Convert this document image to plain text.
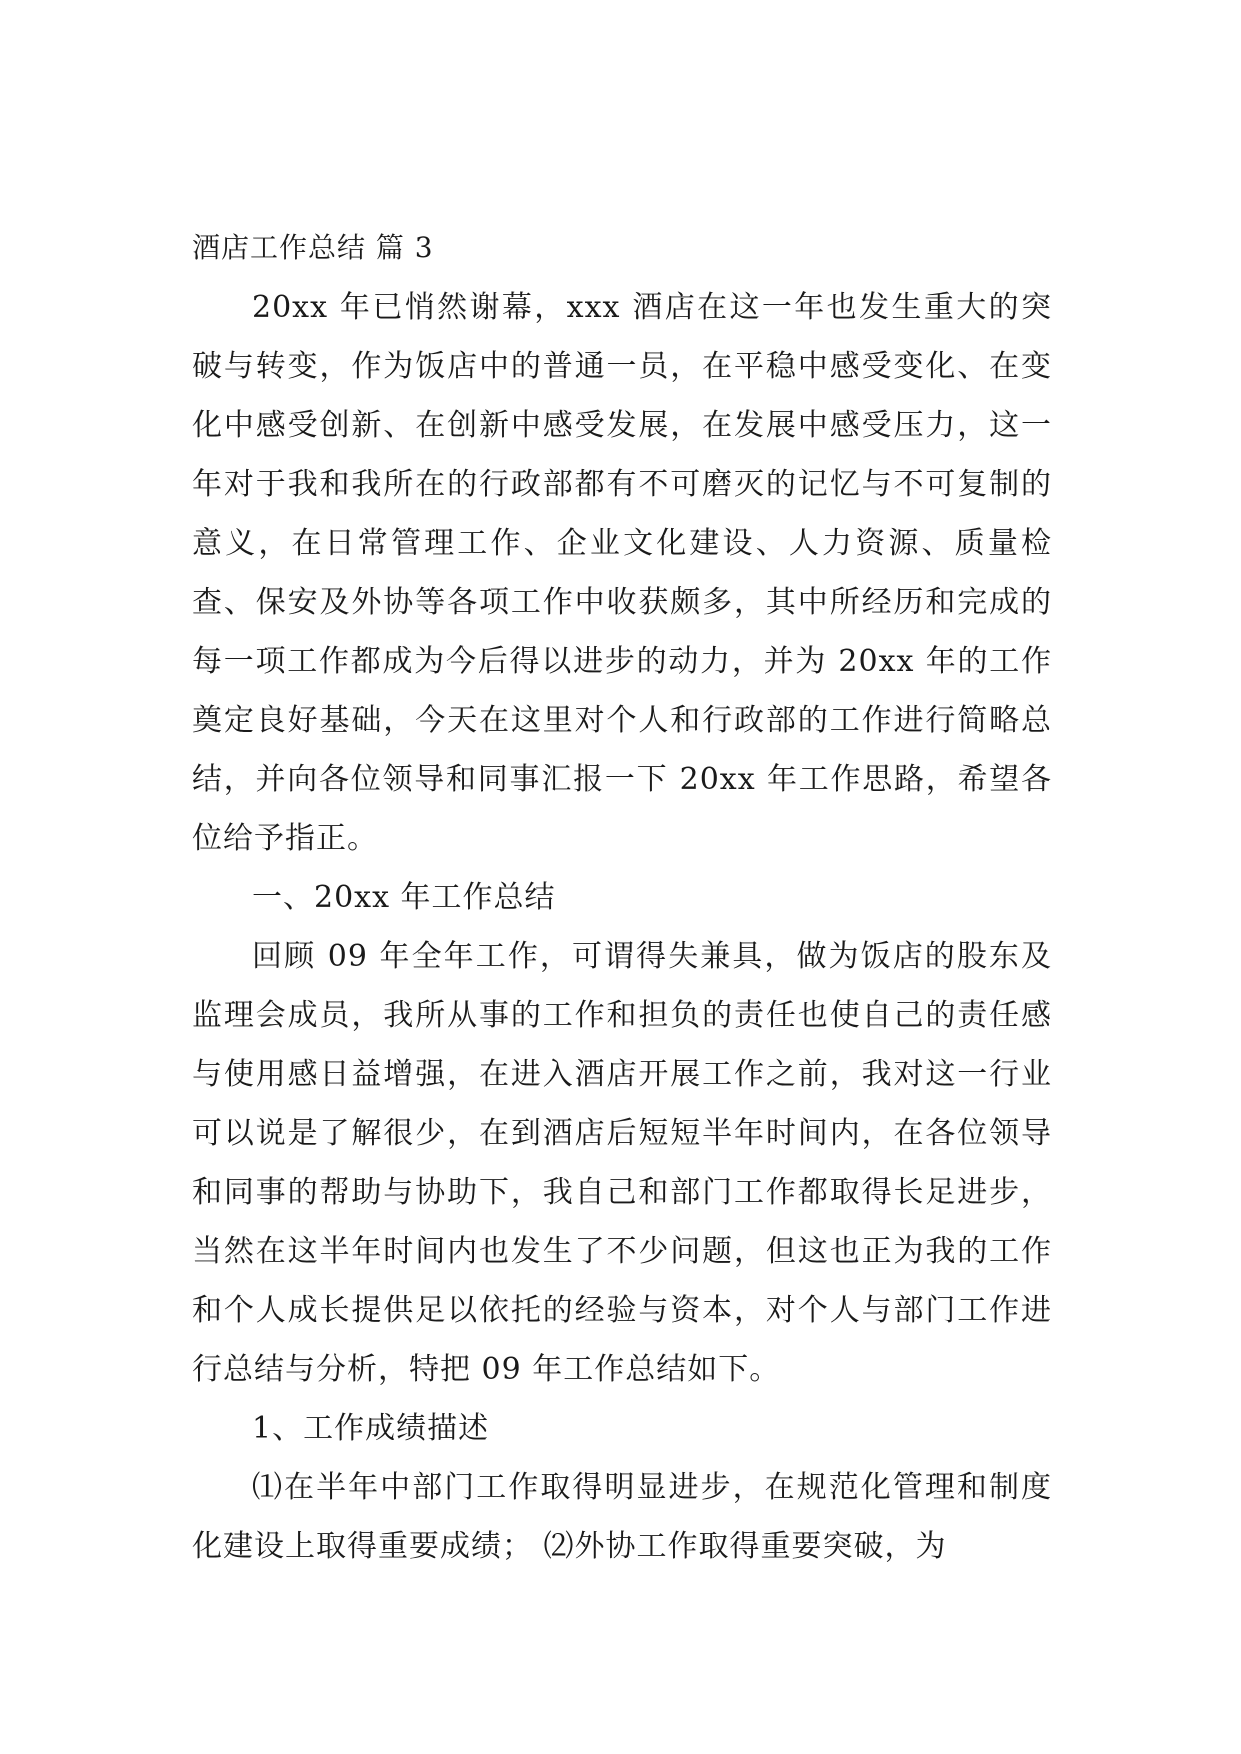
酒店工作总结 篇 3

20xx 年已悄然谢幕，xxx 酒店在这一年也发生重大的突破与转变，作为饭店中的普通一员，在平稳中感受变化、在变化中感受创新、在创新中感受发展，在发展中感受压力，这一年对于我和我所在的行政部都有不可磨灭的记忆与不可复制的意义，在日常管理工作、企业文化建设、人力资源、质量检查、保安及外协等各项工作中收获颇多，其中所经历和完成的每一项工作都成为今后得以进步的动力，并为 20xx 年的工作奠定良好基础，今天在这里对个人和行政部的工作进行简略总结，并向各位领导和同事汇报一下 20xx 年工作思路，希望各位给予指正。

一、20xx 年工作总结

回顾 09 年全年工作，可谓得失兼具，做为饭店的股东及监理会成员，我所从事的工作和担负的责任也使自己的责任感与使用感日益增强，在进入酒店开展工作之前，我对这一行业可以说是了解很少，在到酒店后短短半年时间内，在各位领导和同事的帮助与协助下，我自己和部门工作都取得长足进步，当然在这半年时间内也发生了不少问题，但这也正为我的工作和个人成长提供足以依托的经验与资本，对个人与部门工作进行总结与分析，特把 09 年工作总结如下。

1、工作成绩描述

⑴在半年中部门工作取得明显进步，在规范化管理和制度化建设上取得重要成绩； ⑵外协工作取得重要突破，为
